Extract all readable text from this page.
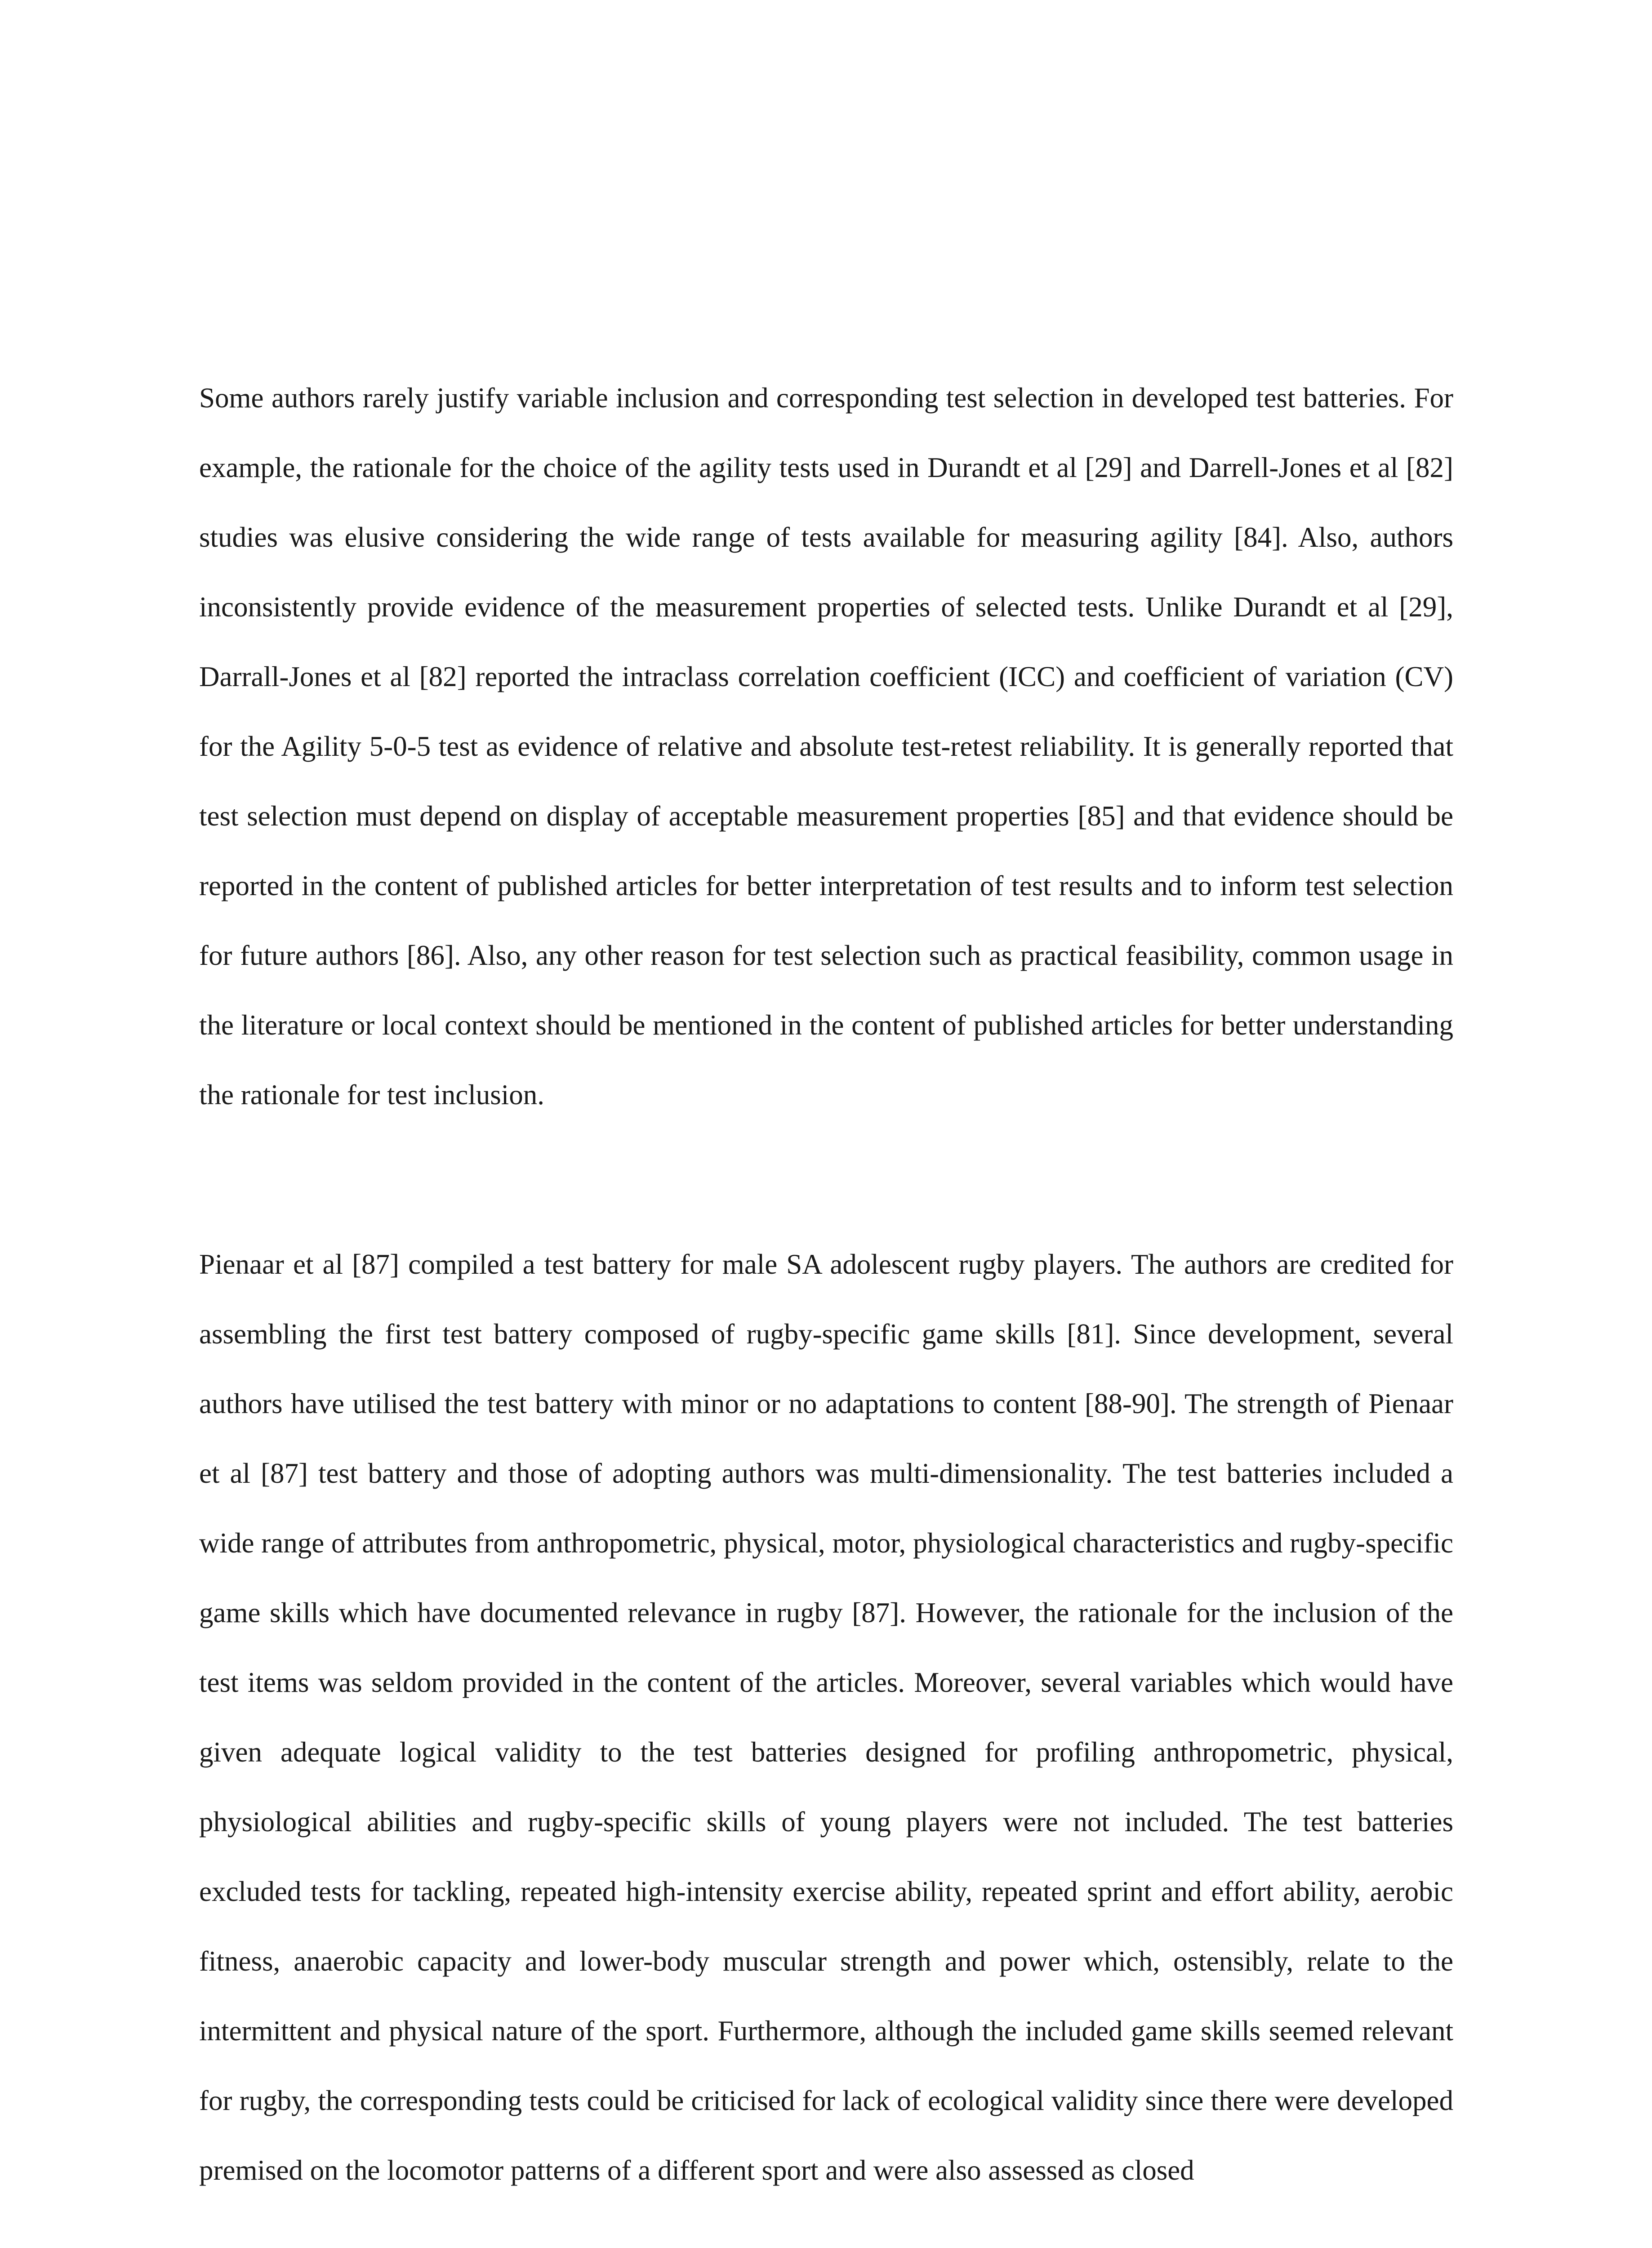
Some authors rarely justify variable inclusion and corresponding test selection in developed test batteries. For example, the rationale for the choice of the agility tests used in Durandt et al [29] and Darrell-Jones et al [82] studies was elusive considering the wide range of tests available for measuring agility [84]. Also, authors inconsistently provide evidence of the measurement properties of selected tests. Unlike Durandt et al [29], Darrall-Jones et al [82] reported the intraclass correlation coefficient (ICC) and coefficient of variation (CV) for the Agility 5-0-5 test as evidence of relative and absolute test-retest reliability. It is generally reported that test selection must depend on display of acceptable measurement properties [85] and that evidence should be reported in the content of published articles for better interpretation of test results and to inform test selection for future authors [86]. Also, any other reason for test selection such as practical feasibility, common usage in the literature or local context should be mentioned in the content of published articles for better understanding the rationale for test inclusion.

Pienaar et al [87] compiled a test battery for male SA adolescent rugby players. The authors are credited for assembling the first test battery composed of rugby-specific game skills [81]. Since development, several authors have utilised the test battery with minor or no adaptations to content [88-90]. The strength of Pienaar et al [87] test battery and those of adopting authors was multi-dimensionality. The test batteries included a wide range of attributes from anthropometric, physical, motor, physiological characteristics and rugby-specific game skills which have documented relevance in rugby [87]. However, the rationale for the inclusion of the test items was seldom provided in the content of the articles. Moreover, several variables which would have given adequate logical validity to the test batteries designed for profiling anthropometric, physical, physiological abilities and rugby-specific skills of young players were not included. The test batteries excluded tests for tackling, repeated high-intensity exercise ability, repeated sprint and effort ability, aerobic fitness, anaerobic capacity and lower-body muscular strength and power which, ostensibly, relate to the intermittent and physical nature of the sport. Furthermore, although the included game skills seemed relevant for rugby, the corresponding tests could be criticised for lack of ecological validity since there were developed premised on the locomotor patterns of a different sport and were also assessed as closed
